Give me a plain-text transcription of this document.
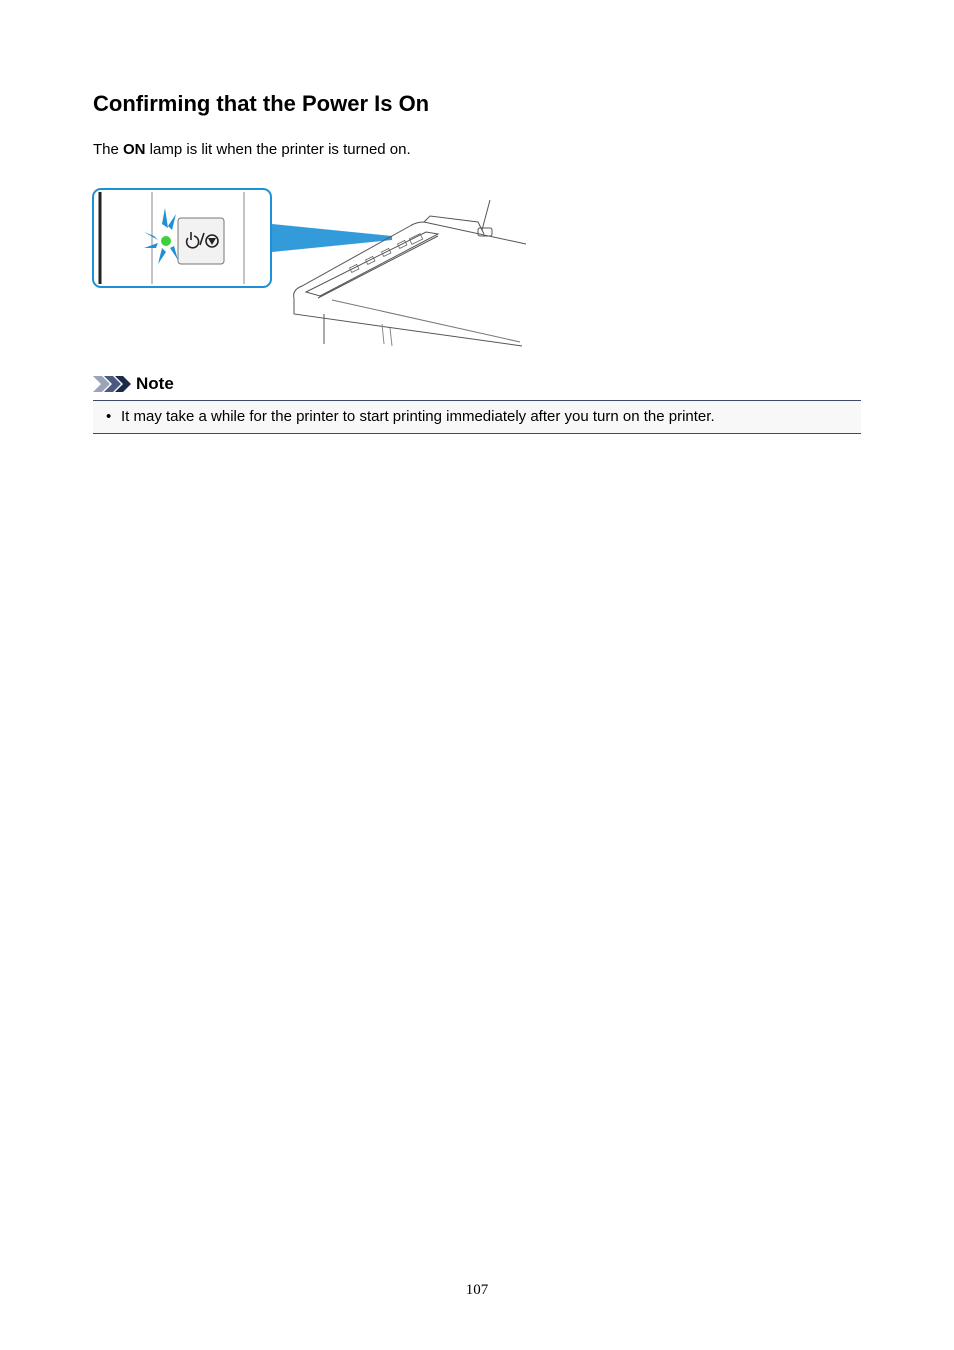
Confirming that the Power Is On

The ON lamp is lit when the printer is turned on.

Note
• It may take a while for the printer to start printing immediately after you turn on the printer.
107
